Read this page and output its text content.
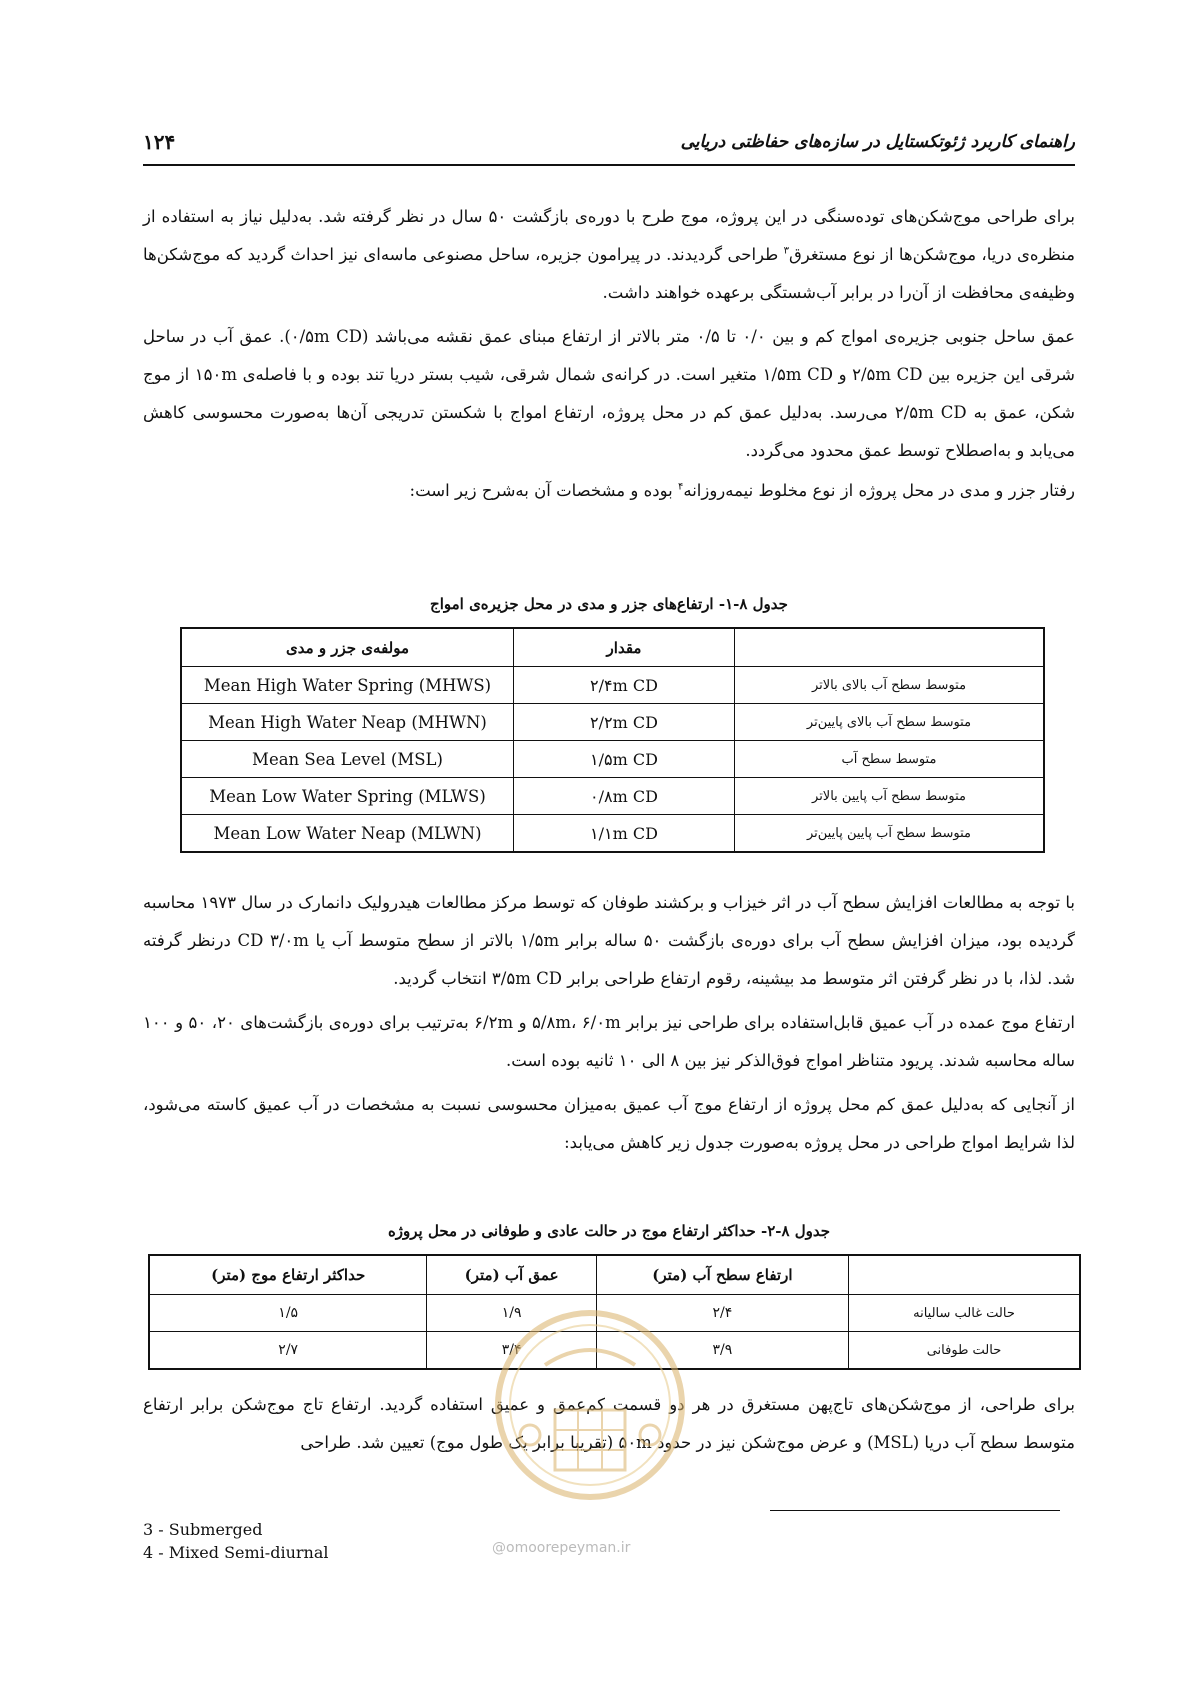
۱۲۴	راهنمای کاربرد ژئوتکستایل در سازه‌های حفاظتی دریایی
برای طراحی موج‌شکن‌های توده‌سنگی در این پروژه، موج طرح با دوره‌ی بازگشت ۵۰ سال در نظر گرفته شد. به‌دلیل نیاز به استفاده از منظره‌ی دریا، موج‌شکن‌ها از نوع مستغرق$^۳$ طراحی گردیدند. در پیرامون جزیره، ساحل مصنوعی ماسه‌ای نیز احداث گردید که موج‌شکن‌ها وظیفه‌ی محافظت از آن‌را در برابر آب‌شستگی برعهده خواهند داشت.
عمق ساحل جنوبی جزیره‌ی امواج کم و بین ۰/۰ تا ۰/۵ متر بالاتر از ارتفاع مبنای عمق نقشه می‌باشد (۰/۵m CD). عمق آب در ساحل شرقی این جزیره بین ۲/۵m CD و ۱/۵m CD متغیر است. در کرانه‌ی شمال شرقی، شیب بستر دریا تند بوده و با فاصله‌ی ۱۵۰m از موج شکن، عمق به ۲/۵m CD می‌رسد. به‌دلیل عمق کم در محل پروژه، ارتفاع امواج با شکستن تدریجی آن‌ها به‌صورت محسوسی کاهش می‌یابد و به‌اصطلاح توسط عمق محدود می‌گردد.
رفتار جزر و مدی در محل پروژه از نوع مخلوط نیمه‌روزانه$^۴$ بوده و مشخصات آن به‌شرح زیر است:
جدول ۸-۱- ارتفاع‌های جزر و مدی در محل جزیره‌ی امواج
	مقدار	مولفه‌ی جزر و مدی
متوسط سطح آب بالای بالاتر	۲/۴m CD	Mean High Water Spring (MHWS)
متوسط سطح آب بالای پایین‌تر	۲/۲m CD	Mean High Water Neap (MHWN)
متوسط سطح آب	۱/۵m CD	Mean Sea Level (MSL)
متوسط سطح آب پایین بالاتر	۰/۸m CD	Mean Low Water Spring (MLWS)
متوسط سطح آب پایین پایین‌تر	۱/۱m CD	Mean Low Water Neap (MLWN)
با توجه به مطالعات افزایش سطح آب در اثر خیزاب و برکشند طوفان که توسط مرکز مطالعات هیدرولیک دانمارک در سال ۱۹۷۳ محاسبه گردیده بود، میزان افزایش سطح آب برای دوره‌ی بازگشت ۵۰ ساله برابر ۱/۵m بالاتر از سطح متوسط آب یا CD ۳/۰m درنظر گرفته شد. لذا، با در نظر گرفتن اثر متوسط مد بیشینه، رقوم ارتفاع طراحی برابر ۳/۵m CD انتخاب گردید.
ارتفاع موج عمده در آب عمیق قابل‌استفاده برای طراحی نیز برابر ۵/۸m، ۶/۰m و ۶/۲m به‌ترتیب برای دوره‌ی بازگشت‌های ۲۰، ۵۰ و ۱۰۰ ساله محاسبه شدند. پریود متناظر امواج فوق‌الذکر نیز بین ۸ الی ۱۰ ثانیه بوده است.
از آنجایی که به‌دلیل عمق کم محل پروژه از ارتفاع موج آب عمیق به‌میزان محسوسی نسبت به مشخصات در آب عمیق کاسته می‌شود، لذا شرایط امواج طراحی در محل پروژه به‌صورت جدول زیر کاهش می‌یابد:
جدول ۸-۲- حداکثر ارتفاع موج در حالت عادی و طوفانی در محل پروژه
	ارتفاع سطح آب (متر)	عمق آب (متر)	حداکثر ارتفاع موج (متر)
حالت غالب سالیانه	۲/۴	۱/۹	۱/۵
حالت طوفانی	۳/۹	۳/۴	۲/۷
برای طراحی، از موج‌شکن‌های تاج‌پهن مستغرق در هر دو قسمت کم‌عمق و عمیق استفاده گردید. ارتفاع تاج موج‌شکن برابر ارتفاع متوسط سطح آب دریا (MSL) و عرض موج‌شکن نیز در حدود ۵۰m (تقریبا برابر یک طول موج) تعیین شد. طراحی
3 - Submerged
4 - Mixed Semi-diurnal	@omoorepeyman.ir
